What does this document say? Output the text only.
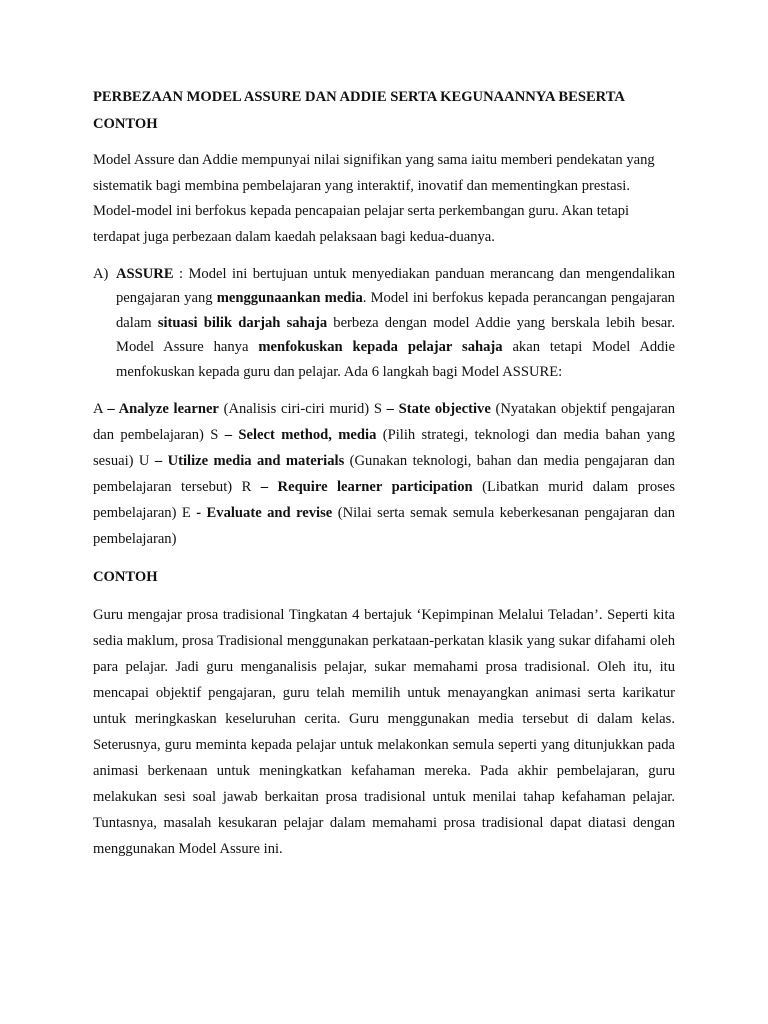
PERBEZAAN MODEL ASSURE DAN ADDIE SERTA KEGUNAANNYA BESERTA CONTOH

Model Assure dan Addie mempunyai nilai signifikan yang sama iaitu memberi pendekatan yang sistematik bagi membina pembelajaran yang interaktif, inovatif dan mementingkan prestasi. Model-model ini berfokus kepada pencapaian pelajar serta perkembangan guru. Akan tetapi terdapat juga perbezaan dalam kaedah pelaksaan bagi kedua-duanya.

A) ASSURE : Model ini bertujuan untuk menyediakan panduan merancang dan mengendalikan pengajaran yang menggunaankan media. Model ini berfokus kepada perancangan pengajaran dalam situasi bilik darjah sahaja berbeza dengan model Addie yang berskala lebih besar. Model Assure hanya menfokuskan kepada pelajar sahaja akan tetapi Model Addie menfokuskan kepada guru dan pelajar. Ada 6 langkah bagi Model ASSURE:

A – Analyze learner (Analisis ciri-ciri murid) S – State objective (Nyatakan objektif pengajaran dan pembelajaran) S – Select method, media (Pilih strategi, teknologi dan media bahan yang sesuai) U – Utilize media and materials (Gunakan teknologi, bahan dan media pengajaran dan pembelajaran tersebut) R – Require learner participation (Libatkan murid dalam proses pembelajaran) E - Evaluate and revise (Nilai serta semak semula keberkesanan pengajaran dan pembelajaran)

CONTOH

Guru mengajar prosa tradisional Tingkatan 4 bertajuk ‘Kepimpinan Melalui Teladan’. Seperti kita sedia maklum, prosa Tradisional menggunakan perkataan-perkatan klasik yang sukar difahami oleh para pelajar. Jadi guru menganalisis pelajar, sukar memahami prosa tradisional. Oleh itu, itu mencapai objektif pengajaran, guru telah memilih untuk menayangkan animasi serta karikatur untuk meringkaskan keseluruhan cerita. Guru menggunakan media tersebut di dalam kelas. Seterusnya, guru meminta kepada pelajar untuk melakonkan semula seperti yang ditunjukkan pada animasi berkenaan untuk meningkatkan kefahaman mereka. Pada akhir pembelajaran, guru melakukan sesi soal jawab berkaitan prosa tradisional untuk menilai tahap kefahaman pelajar. Tuntasnya, masalah kesukaran pelajar dalam memahami prosa tradisional dapat diatasi dengan menggunakan Model Assure ini.
